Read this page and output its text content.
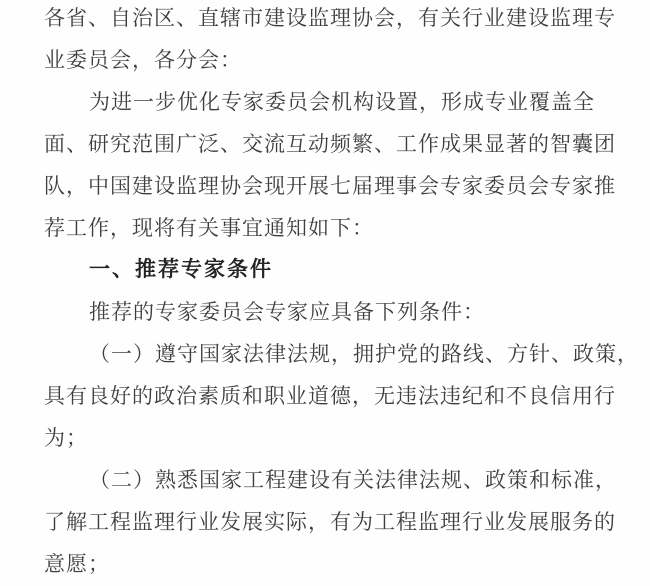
各省、自治区、直辖市建设监理协会，有关行业建设监理专
业委员会，各分会：

为进一步优化专家委员会机构设置，形成专业覆盖全
面、研究范围广泛、交流互动频繁、工作成果显著的智囊团
队，中国建设监理协会现开展七届理事会专家委员会专家推
荐工作，现将有关事宜通知如下：

一、推荐专家条件

推荐的专家委员会专家应具备下列条件：

（一）遵守国家法律法规，拥护党的路线、方针、政策，
具有良好的政治素质和职业道德，无违法违纪和不良信用行
为；

（二）熟悉国家工程建设有关法律法规、政策和标准，
了解工程监理行业发展实际，有为工程监理行业发展服务的
意愿；
